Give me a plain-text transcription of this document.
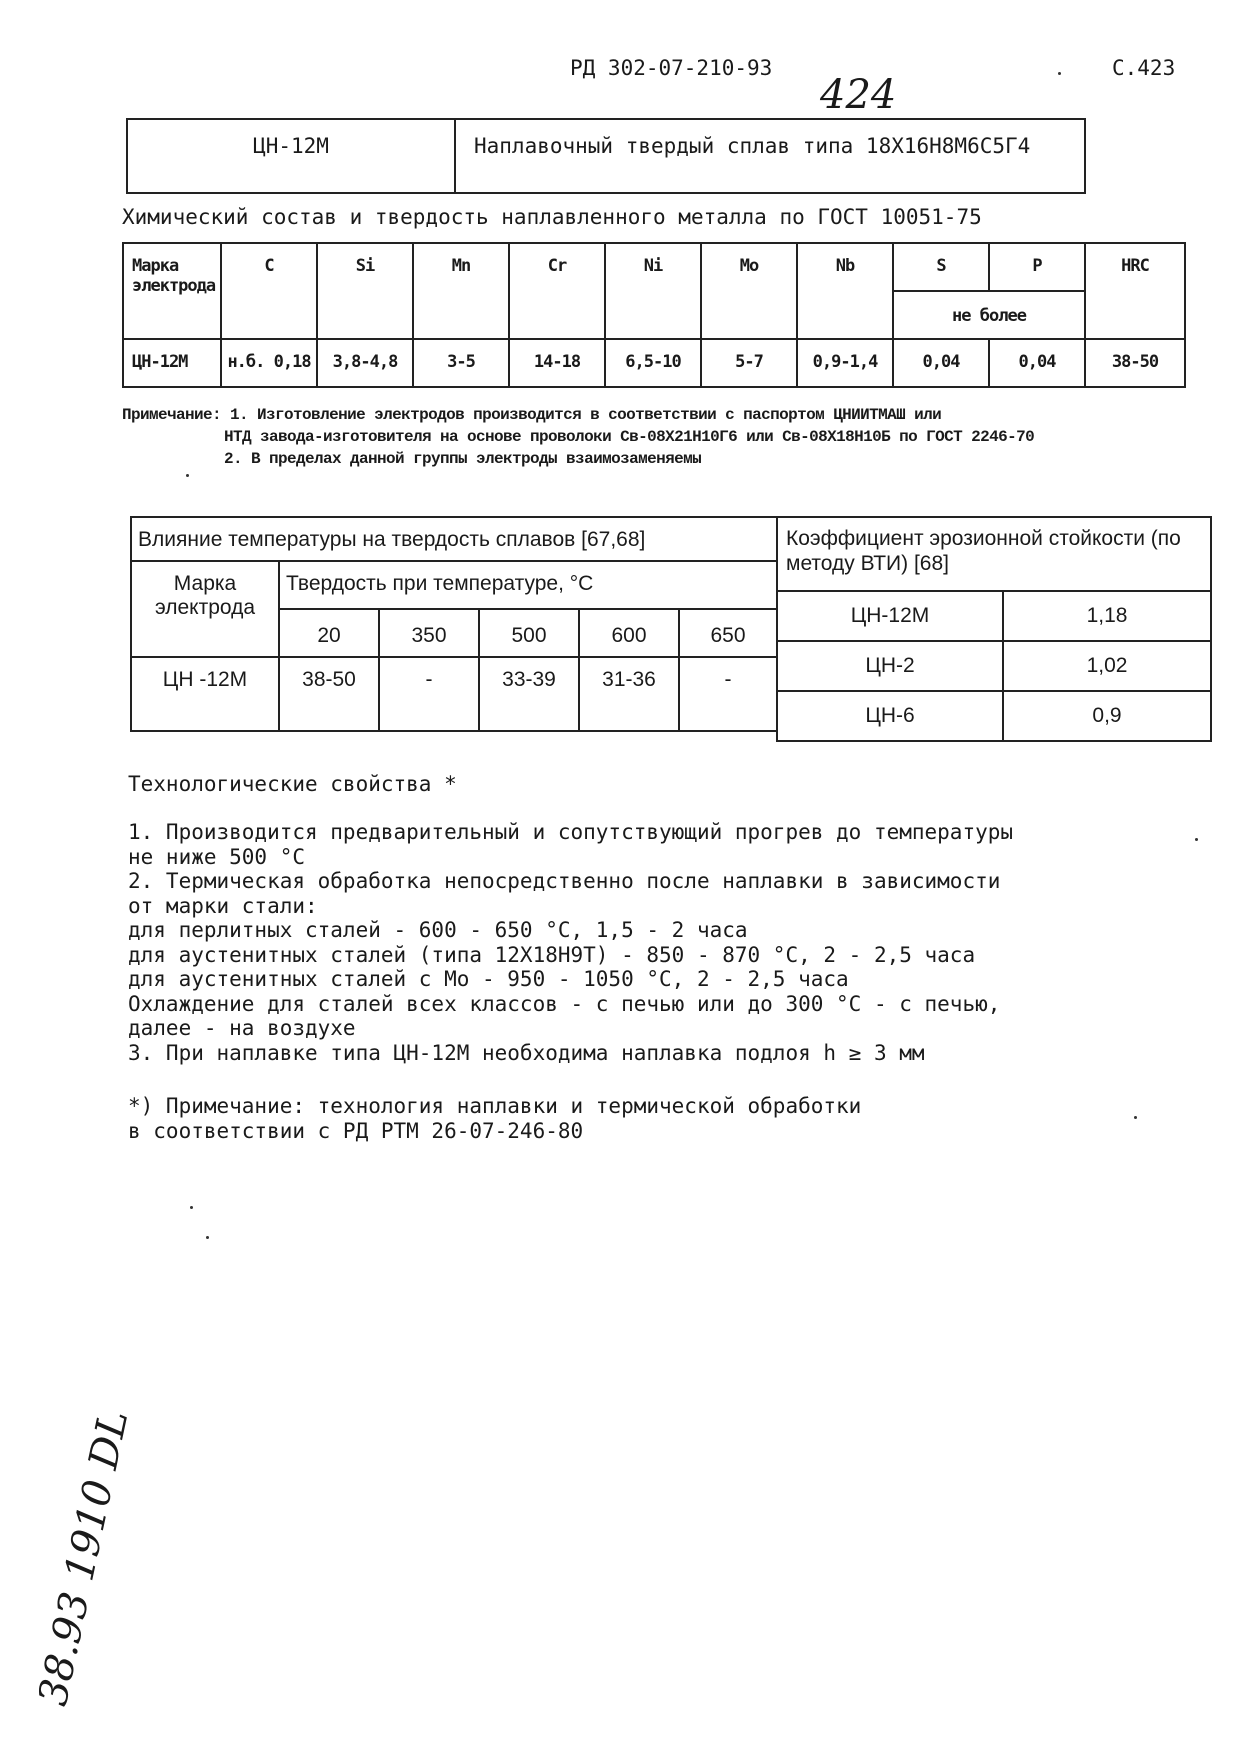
РД 302-07-210-93	С.423
424
ЦН-12М	Наплавочный твердый сплав типа 18Х16Н8М6С5Г4
Химический состав и твердость наплавленного металла по ГОСТ 10051-75
Марка электрода	C	Si	Mn	Cr	Ni	Mo	Nb	S	P	HRC
								не более		
ЦН-12М	н.б. 0,18	3,8-4,8	3-5	14-18	6,5-10	5-7	0,9-1,4	0,04	0,04	38-50
Примечание: 1. Изготовление электродов производится в соответствии с паспортом ЦНИИТМАШ или
НТД завода-изготовителя на основе проволоки Св-08Х21Н10Г6 или Св-08Х18Н10Б по ГОСТ 2246-70
2. В пределах данной группы электроды взаимозаменяемы
Влияние температуры на твердость сплавов [67,68]					
Марка электрода	Твердость при температуре, °С				
	20	350	500	600	650
ЦН -12М	38-50	-	33-39	31-36	-
Коэффициент эрозионной стойкости (по методу ВТИ) [68]	
ЦН-12М	1,18
ЦН-2	1,02
ЦН-6	0,9
Технологические свойства *
1. Производится предварительный и сопутствующий прогрев до температуры
не ниже 500 °С
2. Термическая обработка непосредственно после наплавки в зависимости
от марки стали:
для перлитных сталей - 600 - 650 °С, 1,5 - 2 часа
для аустенитных сталей (типа 12Х18Н9Т) - 850 - 870 °С, 2 - 2,5 часа
для аустенитных сталей с Мо - 950 - 1050 °С, 2 - 2,5 часа
Охлаждение для сталей всех классов - с печью или до 300 °С - с печью,
далее - на воздухе
3. При наплавке типа ЦН-12М необходима наплавка подлоя h ≥ 3 мм
*) Примечание: технология наплавки и термической обработки
в соответствии с РД РТМ 26-07-246-80
38.93 1910 DL
